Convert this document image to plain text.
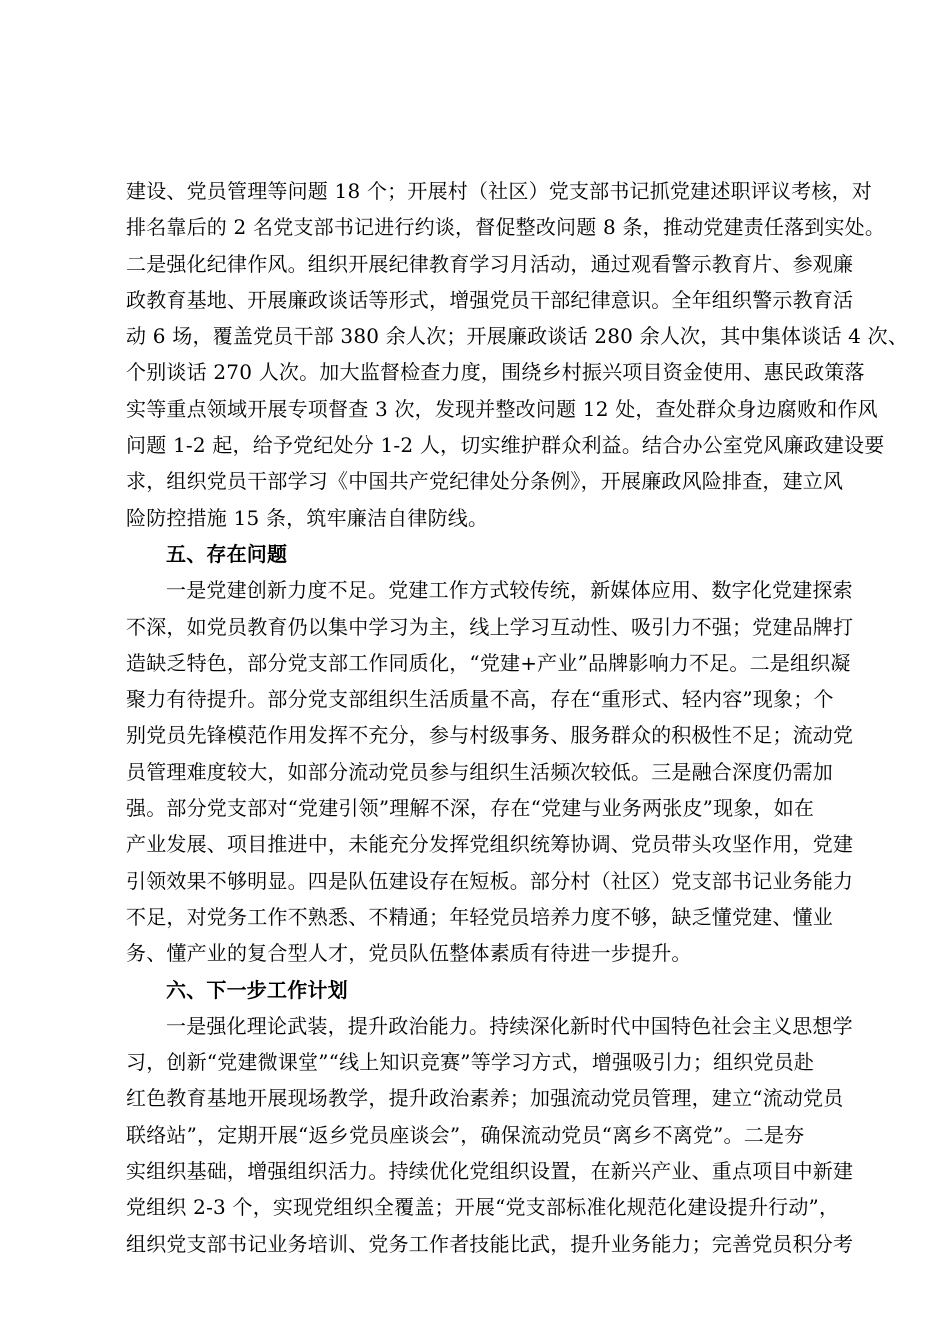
建设、党员管理等问题 18 个；开展村（社区）党支部书记抓党建述职评议考核，对
排名靠后的 2 名党支部书记进行约谈，督促整改问题 8 条，推动党建责任落到实处。
二是强化纪律作风。组织开展纪律教育学习月活动，通过观看警示教育片、参观廉
政教育基地、开展廉政谈话等形式，增强党员干部纪律意识。全年组织警示教育活
动 6 场，覆盖党员干部 380 余人次；开展廉政谈话 280 余人次，其中集体谈话 4 次、
个别谈话 270 人次。加大监督检查力度，围绕乡村振兴项目资金使用、惠民政策落
实等重点领域开展专项督查 3 次，发现并整改问题 12 处，查处群众身边腐败和作风
问题 1-2 起，给予党纪处分 1-2 人，切实维护群众利益。结合办公室党风廉政建设要
求，组织党员干部学习《中国共产党纪律处分条例》，开展廉政风险排查，建立风
险防控措施 15 条，筑牢廉洁自律防线。
五、存在问题
一是党建创新力度不足。党建工作方式较传统，新媒体应用、数字化党建探索
不深，如党员教育仍以集中学习为主，线上学习互动性、吸引力不强；党建品牌打
造缺乏特色，部分党支部工作同质化，“党建+产业”品牌影响力不足。二是组织凝
聚力有待提升。部分党支部组织生活质量不高，存在“重形式、轻内容”现象；个
别党员先锋模范作用发挥不充分，参与村级事务、服务群众的积极性不足；流动党
员管理难度较大，如部分流动党员参与组织生活频次较低。三是融合深度仍需加
强。部分党支部对“党建引领”理解不深，存在“党建与业务两张皮”现象，如在
产业发展、项目推进中，未能充分发挥党组织统筹协调、党员带头攻坚作用，党建
引领效果不够明显。四是队伍建设存在短板。部分村（社区）党支部书记业务能力
不足，对党务工作不熟悉、不精通；年轻党员培养力度不够，缺乏懂党建、懂业
务、懂产业的复合型人才，党员队伍整体素质有待进一步提升。
六、下一步工作计划
一是强化理论武装，提升政治能力。持续深化新时代中国特色社会主义思想学
习，创新“党建微课堂”“线上知识竞赛”等学习方式，增强吸引力；组织党员赴
红色教育基地开展现场教学，提升政治素养；加强流动党员管理，建立“流动党员
联络站”，定期开展“返乡党员座谈会”，确保流动党员“离乡不离党”。二是夯
实组织基础，增强组织活力。持续优化党组织设置，在新兴产业、重点项目中新建
党组织 2-3 个，实现党组织全覆盖；开展“党支部标准化规范化建设提升行动”，
组织党支部书记业务培训、党务工作者技能比武，提升业务能力；完善党员积分考
